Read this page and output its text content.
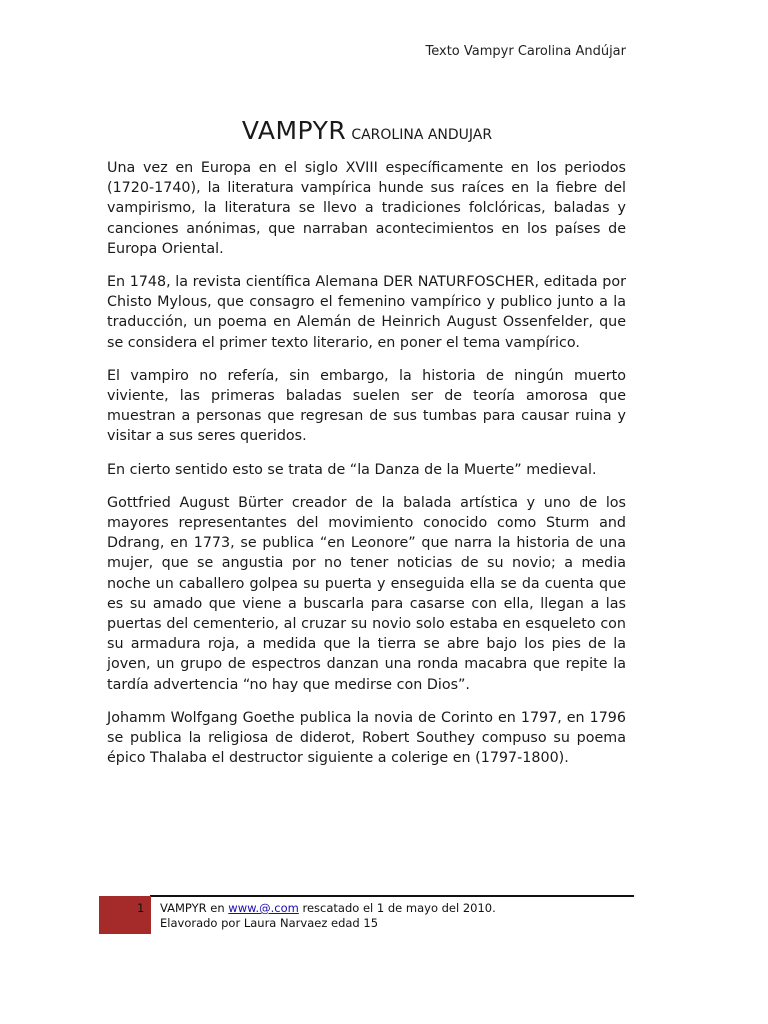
Texto Vampyr Carolina Andújar
VAMPYR CAROLINA ANDUJAR

Una vez en Europa en el siglo XVIII específicamente en los periodos (1720-1740), la literatura vampírica hunde sus raíces en la fiebre del vampirismo, la literatura se llevo a tradiciones folclóricas, baladas y canciones anónimas, que narraban acontecimientos en los países de Europa Oriental.

En 1748, la revista científica Alemana DER NATURFOSCHER, editada por Chisto Mylous, que consagro el femenino vampírico y publico junto a la traducción, un poema en Alemán de Heinrich August Ossenfelder, que se considera el primer texto literario, en poner el tema vampírico.

El vampiro no refería, sin embargo, la historia de ningún muerto viviente, las primeras baladas suelen ser de teoría amorosa que muestran a personas que regresan de sus tumbas para causar ruina y visitar a sus seres queridos.

En cierto sentido esto se trata de “la Danza de la Muerte” medieval.

Gottfried August Bürter creador de la balada artística y uno de los mayores representantes del movimiento conocido como Sturm and Ddrang, en 1773, se publica “en Leonore” que narra la historia de una mujer, que se angustia por no tener noticias de su novio; a media noche un caballero golpea su puerta y enseguida ella se da cuenta que es su amado que viene a buscarla para casarse con ella, llegan a las puertas del cementerio, al cruzar su novio solo estaba en esqueleto con su armadura roja, a medida que la tierra se abre bajo los pies de la joven, un grupo de espectros danzan una ronda macabra que repite la tardía advertencia “no hay que medirse con Dios”.

Johamm Wolfgang Goethe publica la novia de Corinto en 1797, en 1796 se publica la religiosa de diderot, Robert Southey compuso su poema épico Thalaba el destructor siguiente a colerige en (1797-1800).

1 VAMPYR en www.@.com rescatado el 1 de mayo del 2010.
Elavorado por Laura Narvaez edad 15
